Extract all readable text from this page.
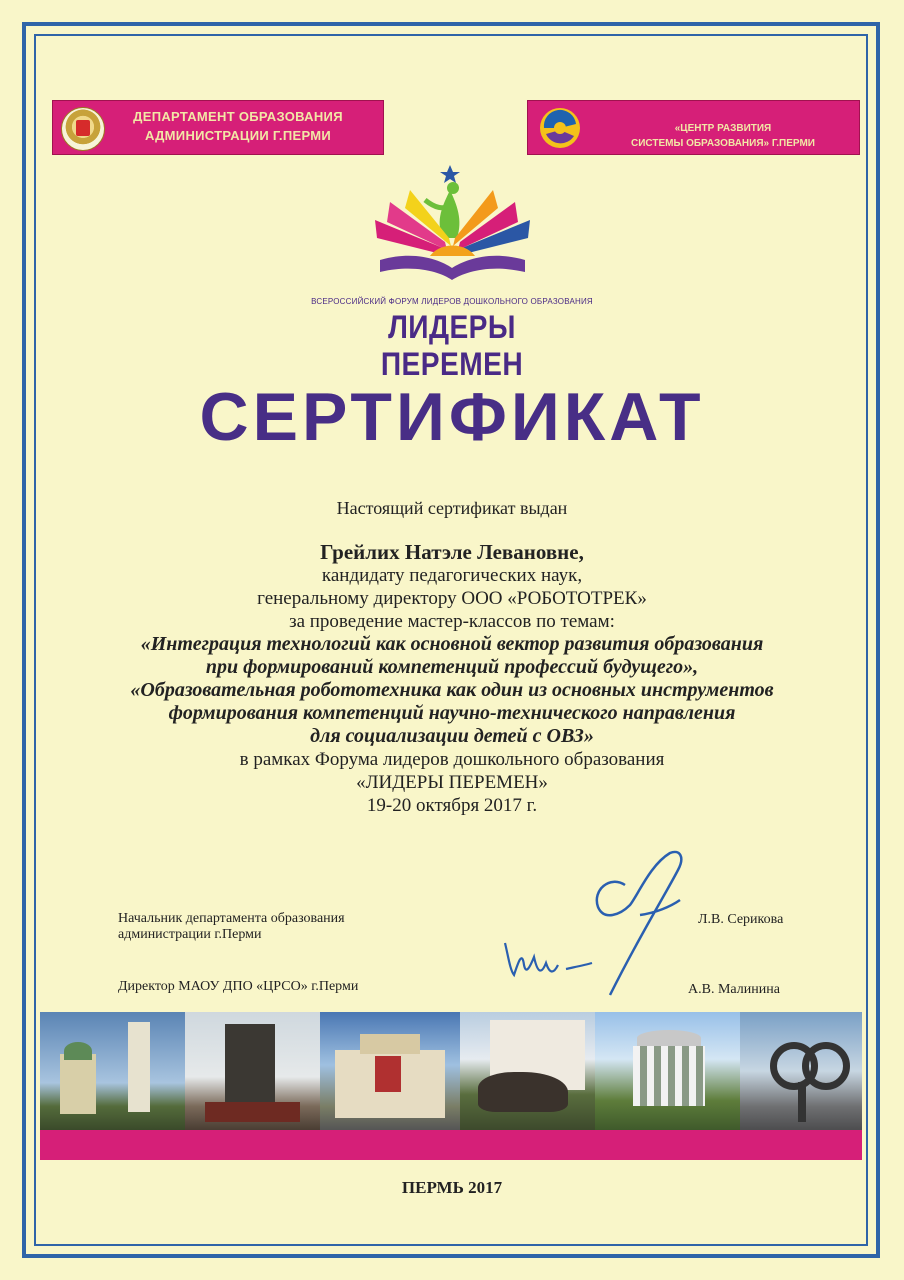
ДЕПАРТАМЕНТ ОБРАЗОВАНИЯ
АДМИНИСТРАЦИИ Г.ПЕРМИ	«ЦЕНТР РАЗВИТИЯ
СИСТЕМЫ ОБРАЗОВАНИЯ» Г.ПЕРМИ
ВСЕРОССИЙСКИЙ ФОРУМ ЛИДЕРОВ ДОШКОЛЬНОГО ОБРАЗОВАНИЯ
ЛИДЕРЫ ПЕРЕМЕН
СЕРТИФИКАТ
Настоящий сертификат выдан
Грейлих Натэле Левановне,
кандидату педагогических наук,
генеральному директору ООО «РОБОТОТРЕК»
за проведение мастер-классов по темам:
«Интеграция технологий как основной вектор развития образования
при формирований компетенций профессий будущего»,
«Образовательная робототехника как один из основных инструментов
формирования компетенций научно-технического направления
для социализации детей с ОВЗ»
в рамках Форума лидеров дошкольного образования
«ЛИДЕРЫ ПЕРЕМЕН»
19-20 октября 2017 г.
Начальник департамента образования
администрации г.Перми
Л.В. Серикова
Директор МАОУ ДПО «ЦРСО» г.Перми	А.В. Малинина
ПЕРМЬ 2017
